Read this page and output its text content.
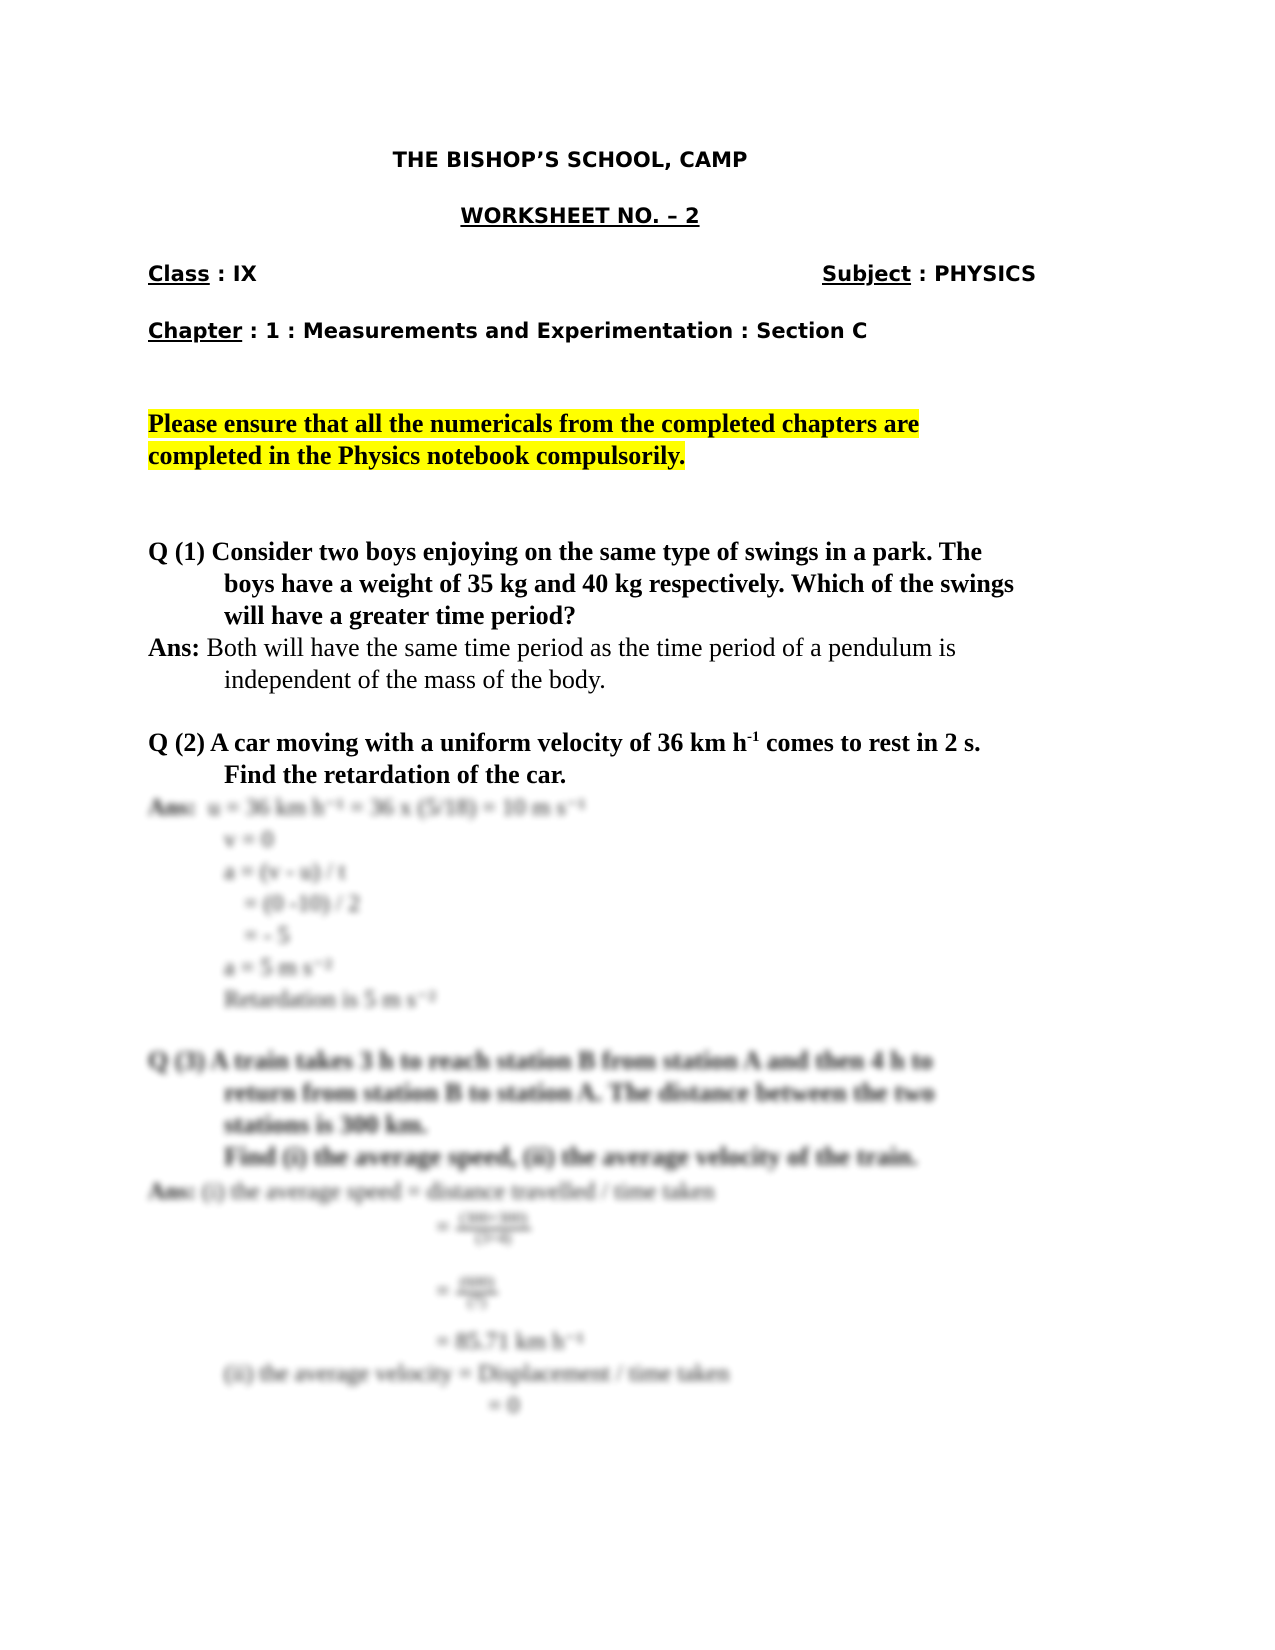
THE BISHOP’S SCHOOL, CAMP
WORKSHEET NO. – 2
Class : IX	Subject : PHYSICS
Chapter : 1 : Measurements and Experimentation : Section C
Please ensure that all the numericals from the completed chapters are
completed in the Physics notebook compulsorily.
Q (1) Consider two boys enjoying on the same type of swings in a park. The
boys have a weight of 35 kg and 40 kg respectively. Which of the swings
will have a greater time period?
Ans: Both will have the same time period as the time period of a pendulum is
independent of the mass of the body.
Q (2) A car moving with a uniform velocity of 36 km $h^{-1}$ comes to rest in 2 s.
Find the retardation of the car.
Ans: u = 36 km h⁻¹ = 36 x (5/18) = 10 m s⁻¹
v = 0
a = (v - u) / t
= (0 -10) / 2
= - 5
a = 5 m s⁻²
Retardation is 5 m s⁻²
Q (3) A train takes 3 h to reach station B from station A and then 4 h to
return from station B to station A. The distance between the two
stations is 300 km.
Find (i) the average speed, (ii) the average velocity of the train.
Ans: (i) the average speed = distance travelled / time taken
= $\frac{(300+300)}{(3+4)}$
= $\frac{(600)}{(7)}$
= 85.71 km h⁻¹
(ii) the average velocity = Displacement / time taken
= 0
